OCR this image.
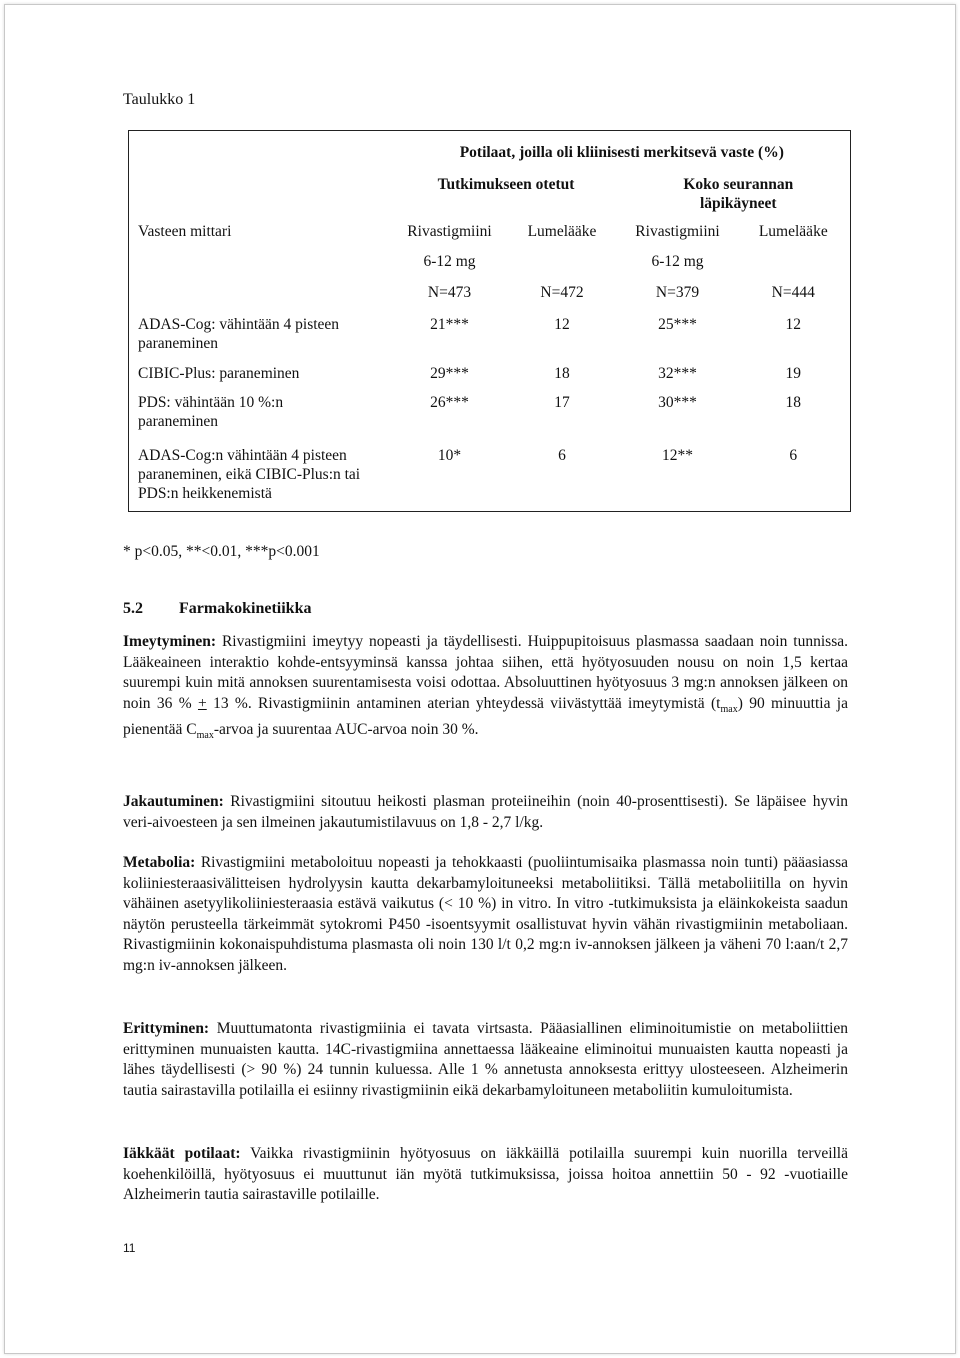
Taulukko 1
	Potilaat, joilla oli kliinisesti merkitsevä vaste (%)			
	Tutkimukseen otetut		Koko seurannan läpikäyneet	
Vasteen mittari	Rivastigmiini	Lumelääke	Rivastigmiini	Lumelääke
	6-12 mg		6-12 mg	
	N=473	N=472	N=379	N=444
ADAS-Cog: vähintään 4 pisteen paraneminen	21***	12	25***	12
CIBIC-Plus: paraneminen	29***	18	32***	19
PDS: vähintään 10 %:n paraneminen	26***	17	30***	18
ADAS-Cog:n vähintään 4 pisteen paraneminen, eikä CIBIC-Plus:n tai PDS:n heikkenemistä	10*	6	12**	6
* p<0.05, **<0.01, ***p<0.001
5.2 Farmakokinetiikka

Imeytyminen: Rivastigmiini imeytyy nopeasti ja täydellisesti. Huippupitoisuus plasmassa saadaan noin tunnissa. Lääkeaineen interaktio kohde-entsyyminsä kanssa johtaa siihen, että hyötyosuuden nousu on noin 1,5 kertaa suurempi kuin mitä annoksen suurentamisesta voisi odottaa. Absoluuttinen hyötyosuus 3 mg:n annoksen jälkeen on noin 36 % + 13 %. Rivastigmiinin antaminen aterian yhteydessä viivästyttää imeytymistä $(t_{max})$ 90 minuuttia ja pienentää $C_{max}$-arvoa ja suurentaa AUC-arvoa noin 30 %.

Jakautuminen: Rivastigmiini sitoutuu heikosti plasman proteiineihin (noin 40-prosenttisesti). Se läpäisee hyvin veri-aivoesteen ja sen ilmeinen jakautumistilavuus on 1,8 - 2,7 l/kg.

Metabolia: Rivastigmiini metaboloituu nopeasti ja tehokkaasti (puoliintumisaika plasmassa noin tunti) pääasiassa koliiniesteraasivälitteisen hydrolyysin kautta dekarbamyloituneeksi metaboliitiksi. Tällä metaboliitilla on hyvin vähäinen asetyylikoliiniesteraasia estävä vaikutus (< 10 %) in vitro. In vitro -tutkimuksista ja eläinkokeista saadun näytön perusteella tärkeimmät sytokromi P450 -isoentsyymit osallistuvat hyvin vähän rivastigmiinin metaboliaan. Rivastigmiinin kokonaispuhdistuma plasmasta oli noin 130 l/t 0,2 mg:n iv-annoksen jälkeen ja väheni 70 l:aan/t 2,7 mg:n iv-annoksen jälkeen.

Erittyminen: Muuttumatonta rivastigmiinia ei tavata virtsasta. Pääasiallinen eliminoitumistie on metaboliittien erittyminen munuaisten kautta. 14C-rivastigmiina annettaessa lääkeaine eliminoitui munuaisten kautta nopeasti ja lähes täydellisesti (> 90 %) 24 tunnin kuluessa. Alle 1 % annetusta annoksesta erittyy ulosteeseen. Alzheimerin tautia sairastavilla potilailla ei esiinny rivastigmiinin eikä dekarbamyloituneen metaboliitin kumuloitumista.

Iäkkäät potilaat: Vaikka rivastigmiinin hyötyosuus on iäkkäillä potilailla suurempi kuin nuorilla terveillä koehenkilöillä, hyötyosuus ei muuttunut iän myötä tutkimuksissa, joissa hoitoa annettiin 50 - 92 -vuotiaille Alzheimerin tautia sairastaville potilaille.

11
